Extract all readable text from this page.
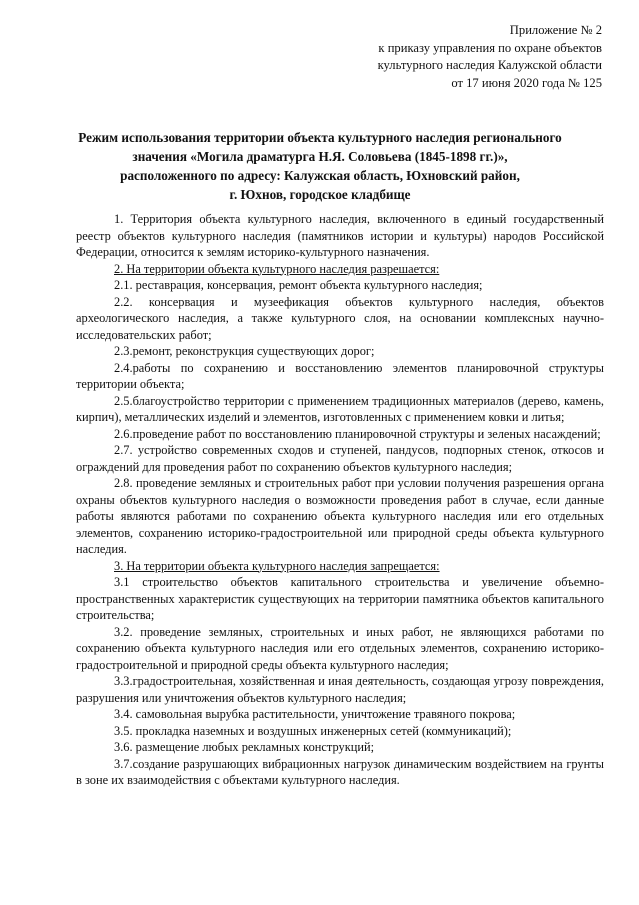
Приложение № 2
к приказу управления по охране объектов
культурного наследия Калужской области
от 17 июня 2020 года № 125
Режим использования территории объекта культурного наследия регионального
значения «Могила драматурга Н.Я. Соловьева (1845-1898 гг.)»,
расположенного по адресу: Калужская область, Юхновский район,
г. Юхнов, городское кладбище

1. Территория объекта культурного наследия, включенного в единый государственный реестр объектов культурного наследия (памятников истории и культуры) народов Российской Федерации, относится к землям историко-культурного назначения.

2. На территории объекта культурного наследия разрешается:

2.1. реставрация, консервация, ремонт объекта культурного наследия;

2.2. консервация и музеефикация объектов культурного наследия, объектов археологического наследия, а также культурного слоя, на основании комплексных научно-исследовательских работ;

2.3.ремонт, реконструкция существующих дорог;

2.4.работы по сохранению и восстановлению элементов планировочной структуры территории объекта;

2.5.благоустройство территории с применением традиционных материалов (дерево, камень, кирпич), металлических изделий и элементов, изготовленных с применением ковки и литья;

2.6.проведение работ по восстановлению планировочной структуры и зеленых насаждений;

2.7. устройство современных сходов и ступеней, пандусов, подпорных стенок, откосов и ограждений для проведения работ по сохранению объектов культурного наследия;

2.8. проведение земляных и строительных работ при условии получения разрешения органа охраны объектов культурного наследия о возможности проведения работ в случае, если данные работы являются работами по сохранению объекта культурного наследия или его отдельных элементов, сохранению историко-градостроительной или природной среды объекта культурного наследия.

3. На территории объекта культурного наследия запрещается:

3.1 строительство объектов капитального строительства и увеличение объемно-пространственных характеристик существующих на территории памятника объектов капитального строительства;

3.2. проведение земляных, строительных и иных работ, не являющихся работами по сохранению объекта культурного наследия или его отдельных элементов, сохранению историко-градостроительной и природной среды объекта культурного наследия;

3.3.градостроительная, хозяйственная и иная деятельность, создающая угрозу повреждения, разрушения или уничтожения объектов культурного наследия;

3.4. самовольная вырубка растительности, уничтожение травяного покрова;

3.5. прокладка наземных и воздушных инженерных сетей (коммуникаций);

3.6. размещение любых рекламных конструкций;

3.7.создание разрушающих вибрационных нагрузок динамическим воздействием на грунты в зоне их взаимодействия с объектами культурного наследия.
